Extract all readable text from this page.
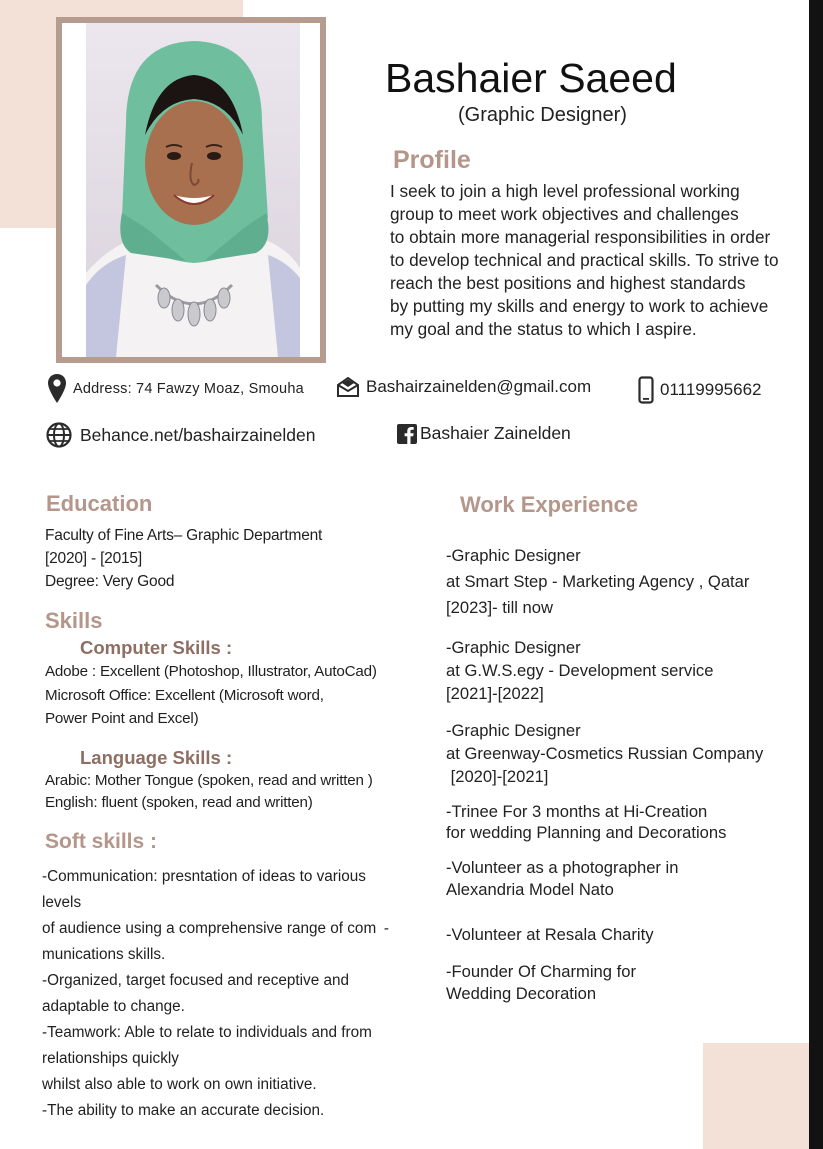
Bashaier Saeed
(Graphic Designer)
Profile
I seek to join a high level professional working
group to meet work objectives and challenges
to obtain more managerial responsibilities in order
to develop technical and practical skills. To strive to
reach the best positions and highest standards
by putting my skills and energy to work to achieve
my goal and the status to which I aspire.
Address: 74 Fawzy Moaz, Smouha	Bashairzainelden@gmail.com	01119995662
Behance.net/bashairzainelden	Bashaier Zainelden
Education
Faculty of Fine Arts– Graphic Department
[2020] - [2015]
Degree: Very Good
Skills
Computer Skills :
Adobe : Excellent (Photoshop, Illustrator, AutoCad)
Microsoft Office: Excellent (Microsoft word,
Power Point and Excel)
Language Skills :
Arabic: Mother Tongue (spoken, read and written )
English: fluent (spoken, read and written)
Soft skills :
-Communication: presntation of ideas to various
levels
of audience using a comprehensive range of com -
munications skills.
-Organized, target focused and receptive and
adaptable to change.
-Teamwork: Able to relate to individuals and from
relationships quickly
whilst also able to work on own initiative.
-The ability to make an accurate decision.
Work Experience
-Graphic Designer
at Smart Step - Marketing Agency , Qatar
[2023]- till now
-Graphic Designer
at G.W.S.egy - Development service
[2021]-[2022]
-Graphic Designer
at Greenway-Cosmetics Russian Company
[2020]-[2021]
-Trinee For 3 months at Hi-Creation
for wedding Planning and Decorations
-Volunteer as a photographer in
Alexandria Model Nato
-Volunteer at Resala Charity
-Founder Of Charming for
Wedding Decoration
